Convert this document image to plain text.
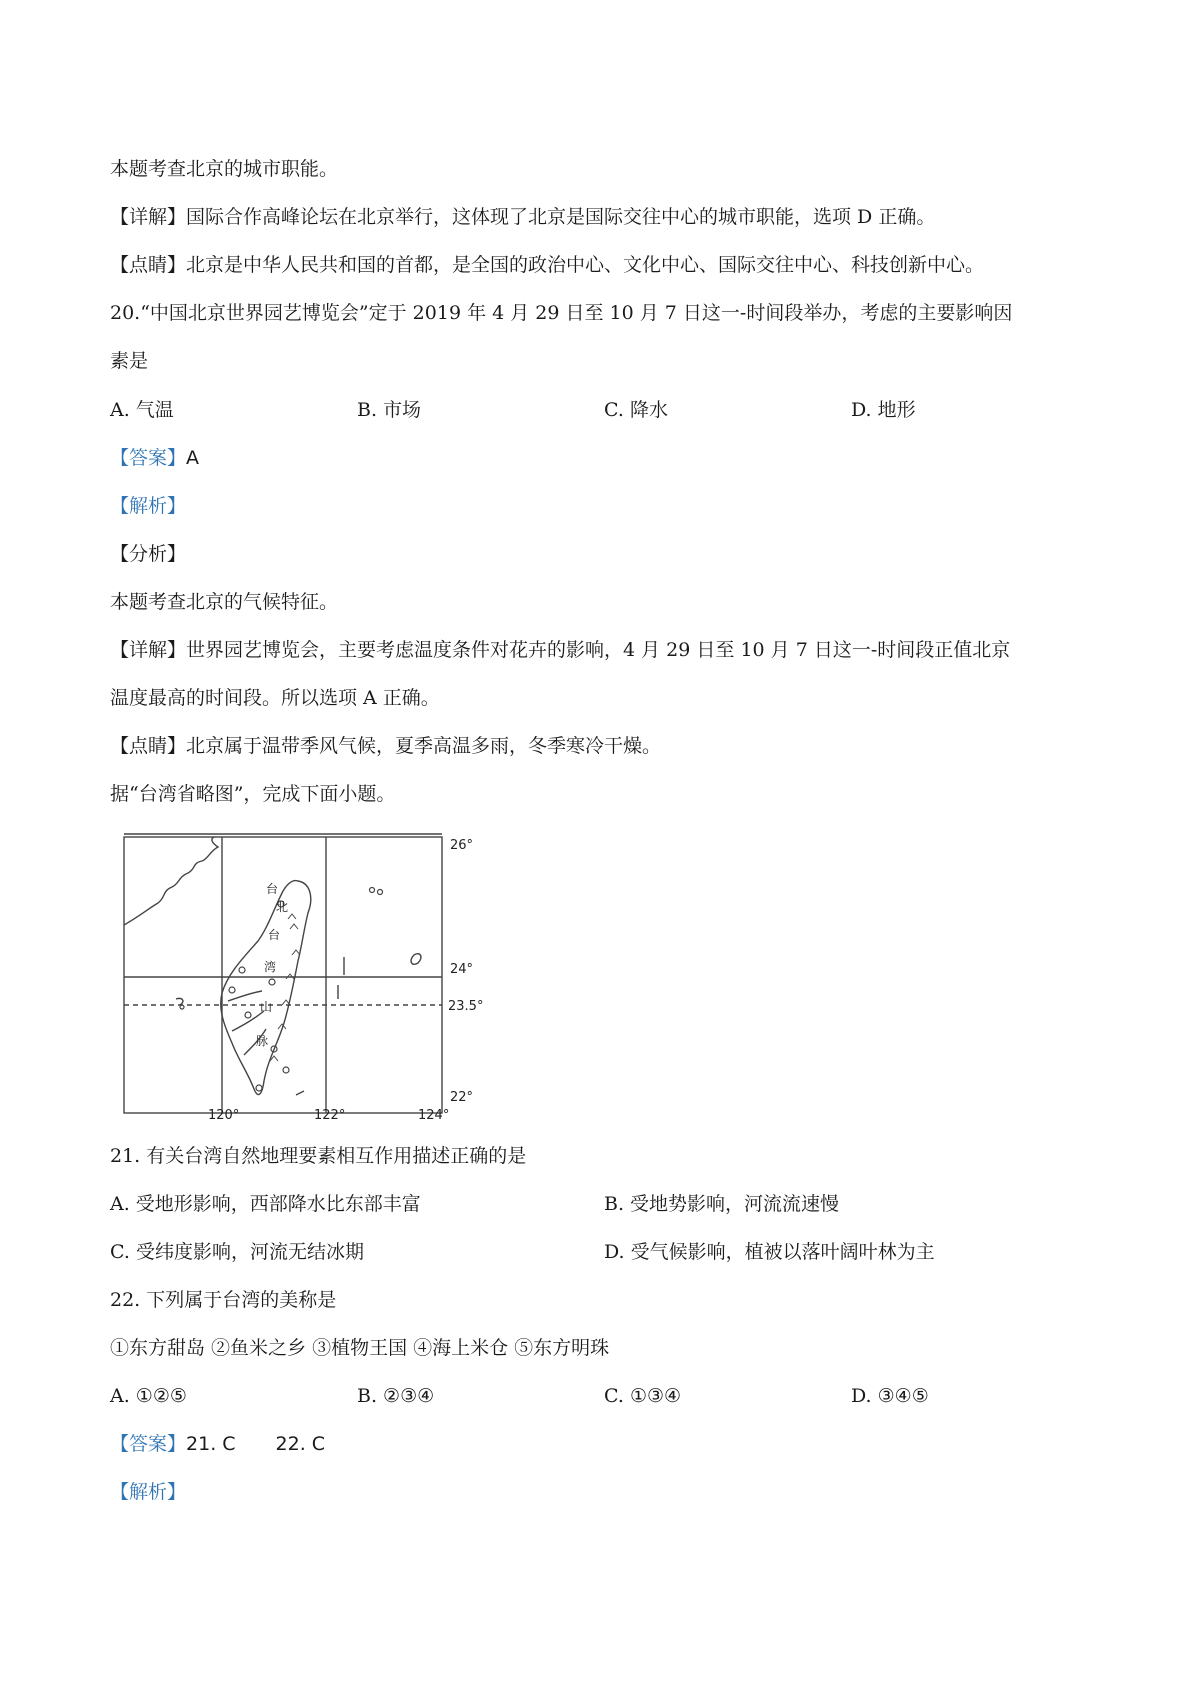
本题考查北京的城市职能。
【详解】国际合作高峰论坛在北京举行，这体现了北京是国际交往中心的城市职能，选项 D 正确。
【点睛】北京是中华人民共和国的首都，是全国的政治中心、文化中心、国际交往中心、科技创新中心。
20.“中国北京世界园艺博览会”定于 2019 年 4 月 29 日至 10 月 7 日这一-时间段举办，考虑的主要影响因
素是
A. 气温	B. 市场	C. 降水	D. 地形
【答案】A
【解析】
【分析】
本题考查北京的气候特征。
【详解】世界园艺博览会，主要考虑温度条件对花卉的影响，4 月 29 日至 10 月 7 日这一-时间段正值北京
温度最高的时间段。所以选项 A 正确。
【点睛】北京属于温带季风气候，夏季高温多雨，冬季寒冷干燥。
据“台湾省略图”，完成下面小题。
台
北
台
湾
山
脉
26°
24°
23.5°
22°
120°	122°	124°
21. 有关台湾自然地理要素相互作用描述正确的是
A. 受地形影响，西部降水比东部丰富	B. 受地势影响，河流流速慢
C. 受纬度影响，河流无结冰期	D. 受气候影响，植被以落叶阔叶林为主
22. 下列属于台湾的美称是
①东方甜岛 ②鱼米之乡 ③植物王国 ④海上米仓 ⑤东方明珠
A. ①②⑤	B. ②③④	C. ①③④	D. ③④⑤
【答案】21. C 22. C
【解析】
